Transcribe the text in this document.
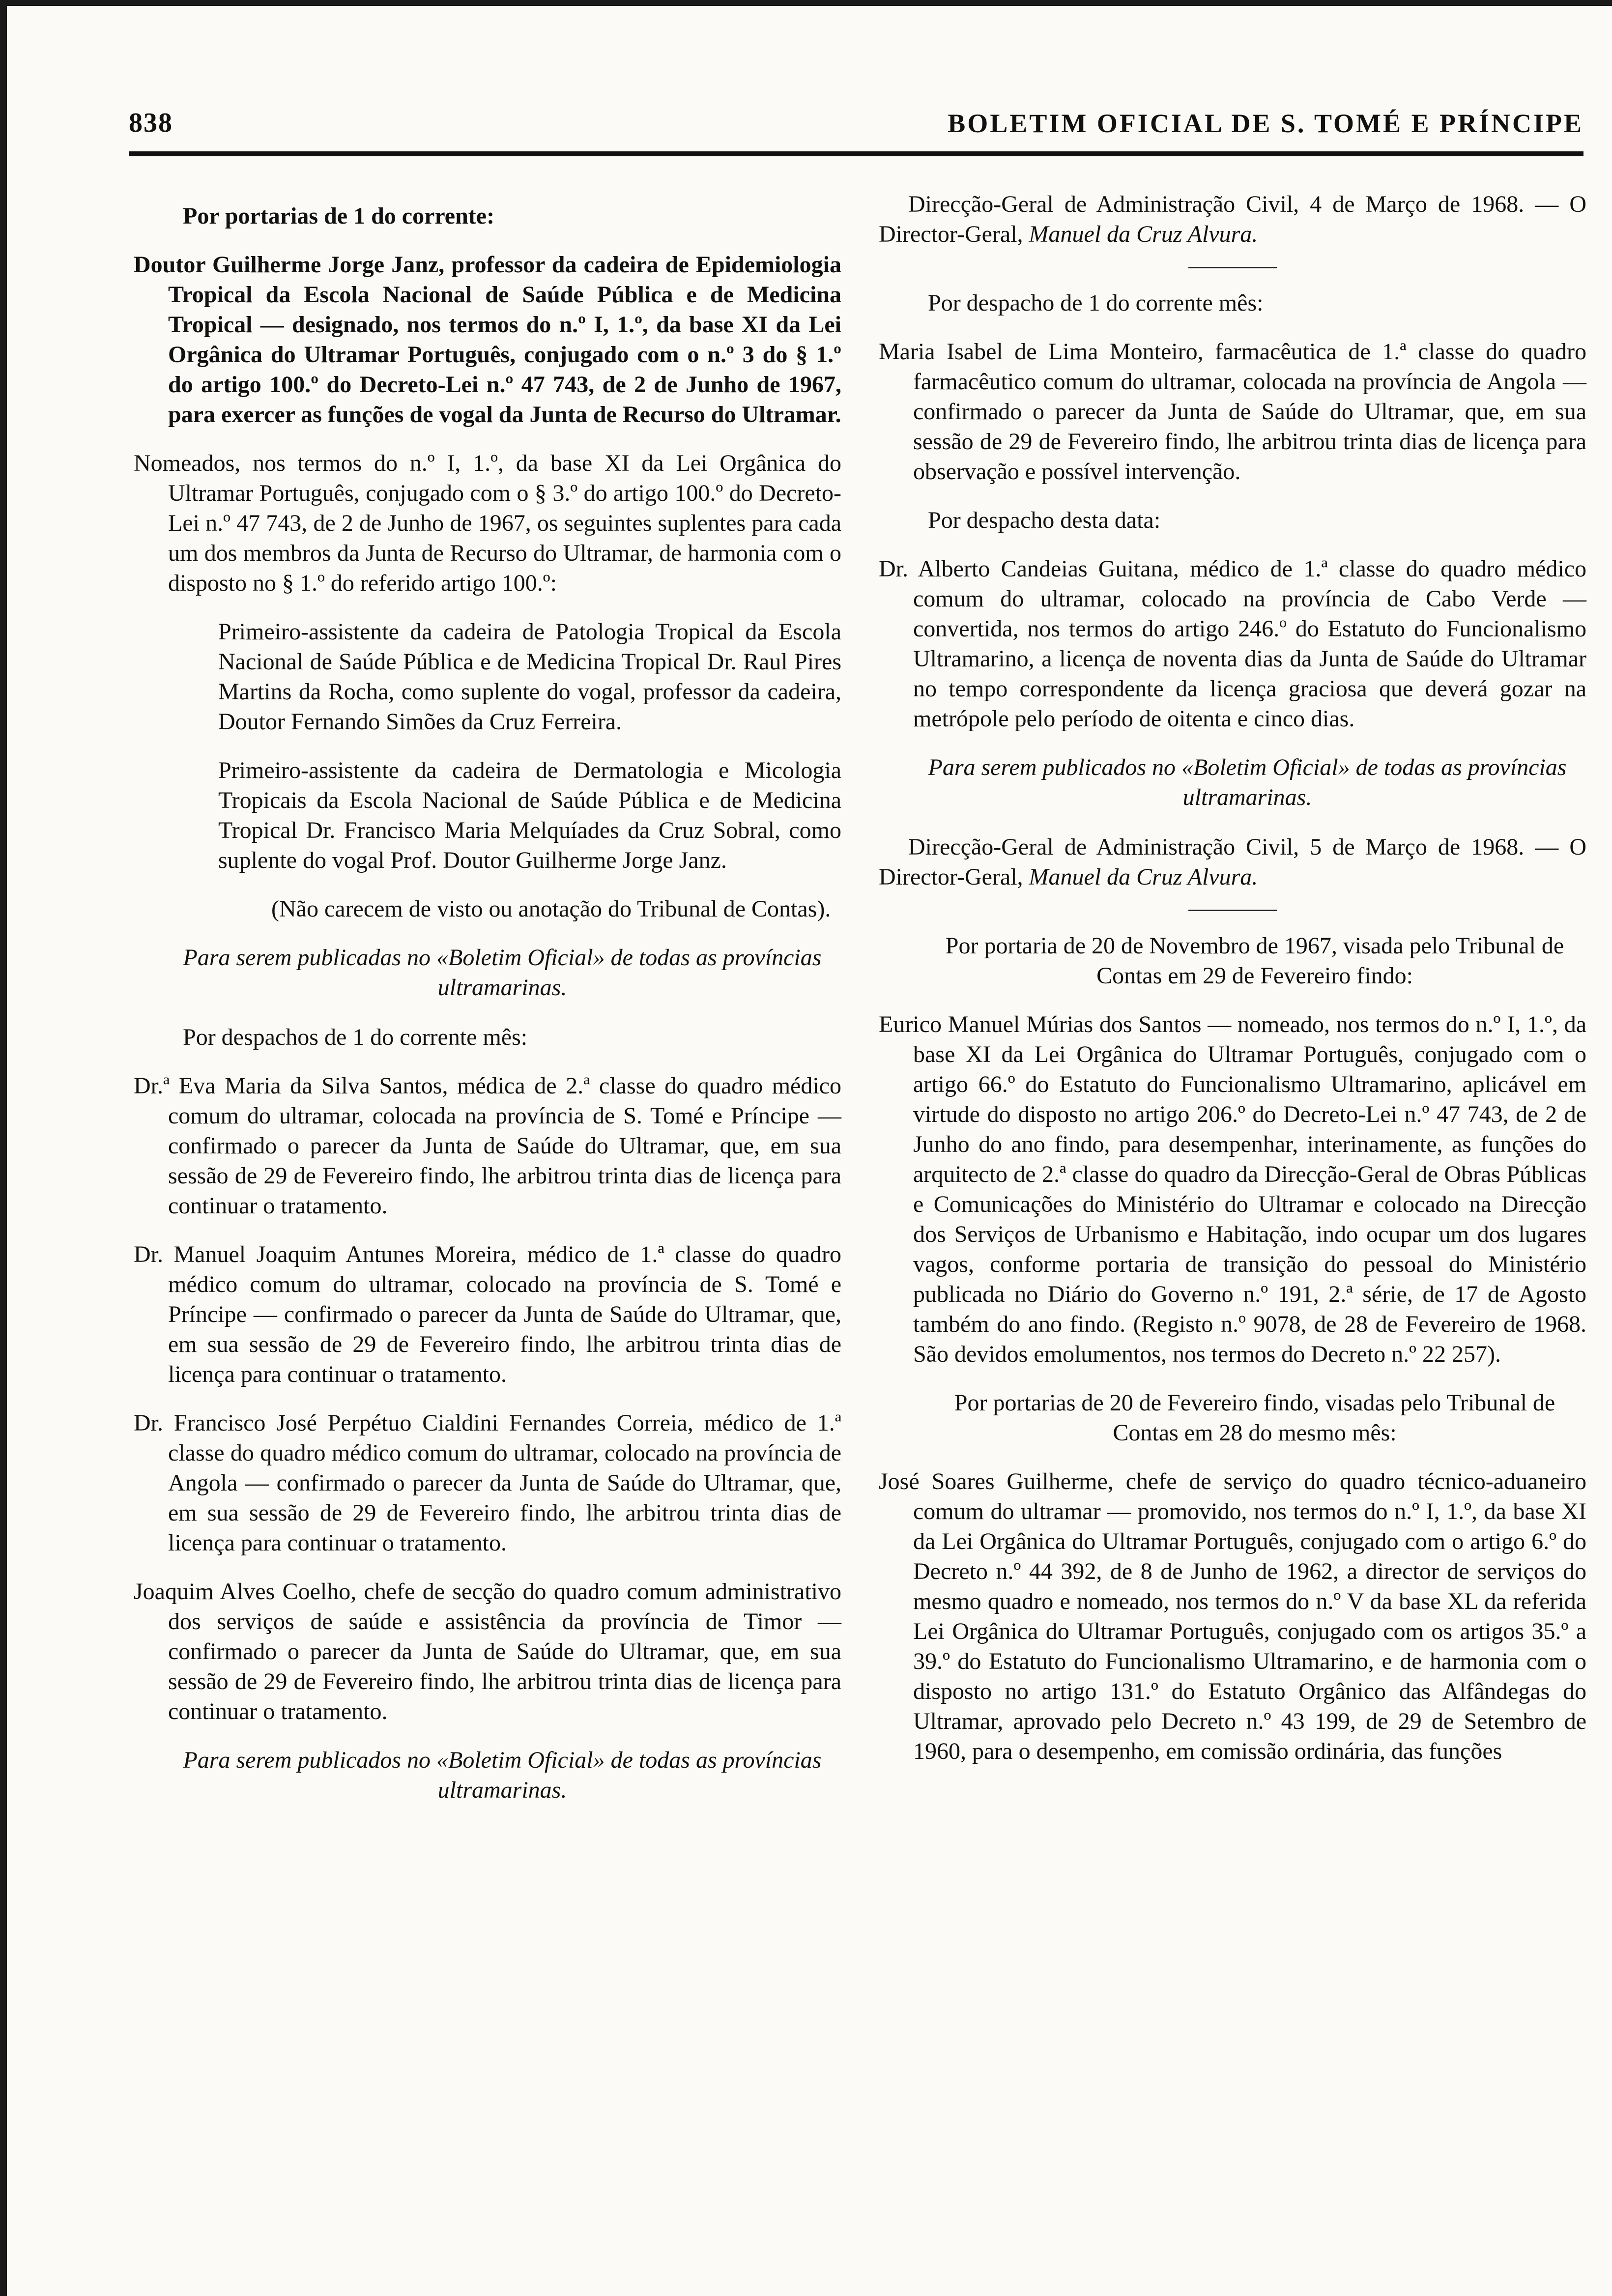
838	BOLETIM OFICIAL DE S. TOMÉ E PRÍNCIPE

Por portarias de 1 do corrente:

Doutor Guilherme Jorge Janz, professor da cadeira de Epidemiologia Tropical da Escola Nacional de Saúde Pública e de Medicina Tropical — designado, nos termos do n.º I, 1.º, da base XI da Lei Orgânica do Ultramar Português, conjugado com o n.º 3 do § 1.º do artigo 100.º do Decreto-Lei n.º 47 743, de 2 de Junho de 1967, para exercer as funções de vogal da Junta de Recurso do Ultramar.

Nomeados, nos termos do n.º I, 1.º, da base XI da Lei Orgânica do Ultramar Português, conjugado com o § 3.º do artigo 100.º do Decreto-Lei n.º 47 743, de 2 de Junho de 1967, os seguintes suplentes para cada um dos membros da Junta de Recurso do Ultramar, de harmonia com o disposto no § 1.º do referido artigo 100.º:

Primeiro-assistente da cadeira de Patologia Tropical da Escola Nacional de Saúde Pública e de Medicina Tropical Dr. Raul Pires Martins da Rocha, como suplente do vogal, professor da cadeira, Doutor Fernando Simões da Cruz Ferreira.

Primeiro-assistente da cadeira de Dermatologia e Micologia Tropicais da Escola Nacional de Saúde Pública e de Medicina Tropical Dr. Francisco Maria Melquíades da Cruz Sobral, como suplente do vogal Prof. Doutor Guilherme Jorge Janz.

(Não carecem de visto ou anotação do Tribunal de Contas).

Para serem publicadas no «Boletim Oficial» de todas as províncias ultramarinas.

Por despachos de 1 do corrente mês:

Dr.ª Eva Maria da Silva Santos, médica de 2.ª classe do quadro médico comum do ultramar, colocada na província de S. Tomé e Príncipe — confirmado o parecer da Junta de Saúde do Ultramar, que, em sua sessão de 29 de Fevereiro findo, lhe arbitrou trinta dias de licença para continuar o tratamento.

Dr. Manuel Joaquim Antunes Moreira, médico de 1.ª classe do quadro médico comum do ultramar, colocado na província de S. Tomé e Príncipe — confirmado o parecer da Junta de Saúde do Ultramar, que, em sua sessão de 29 de Fevereiro findo, lhe arbitrou trinta dias de licença para continuar o tratamento.

Dr. Francisco José Perpétuo Cialdini Fernandes Correia, médico de 1.ª classe do quadro médico comum do ultramar, colocado na província de Angola — confirmado o parecer da Junta de Saúde do Ultramar, que, em sua sessão de 29 de Fevereiro findo, lhe arbitrou trinta dias de licença para continuar o tratamento.

Joaquim Alves Coelho, chefe de secção do quadro comum administrativo dos serviços de saúde e assistência da província de Timor — confirmado o parecer da Junta de Saúde do Ultramar, que, em sua sessão de 29 de Fevereiro findo, lhe arbitrou trinta dias de licença para continuar o tratamento.

Para serem publicados no «Boletim Oficial» de todas as províncias ultramarinas.

Direcção-Geral de Administração Civil, 4 de Março de 1968. — O Director-Geral, Manuel da Cruz Alvura.

Por despacho de 1 do corrente mês:

Maria Isabel de Lima Monteiro, farmacêutica de 1.ª classe do quadro farmacêutico comum do ultramar, colocada na província de Angola — confirmado o parecer da Junta de Saúde do Ultramar, que, em sua sessão de 29 de Fevereiro findo, lhe arbitrou trinta dias de licença para observação e possível intervenção.

Por despacho desta data:

Dr. Alberto Candeias Guitana, médico de 1.ª classe do quadro médico comum do ultramar, colocado na província de Cabo Verde — convertida, nos termos do artigo 246.º do Estatuto do Funcionalismo Ultramarino, a licença de noventa dias da Junta de Saúde do Ultramar no tempo correspondente da licença graciosa que deverá gozar na metrópole pelo período de oitenta e cinco dias.

Para serem publicados no «Boletim Oficial» de todas as províncias ultramarinas.

Direcção-Geral de Administração Civil, 5 de Março de 1968. — O Director-Geral, Manuel da Cruz Alvura.

Por portaria de 20 de Novembro de 1967, visada pelo Tribunal de Contas em 29 de Fevereiro findo:

Eurico Manuel Múrias dos Santos — nomeado, nos termos do n.º I, 1.º, da base XI da Lei Orgânica do Ultramar Português, conjugado com o artigo 66.º do Estatuto do Funcionalismo Ultramarino, aplicável em virtude do disposto no artigo 206.º do Decreto-Lei n.º 47 743, de 2 de Junho do ano findo, para desempenhar, interinamente, as funções do arquitecto de 2.ª classe do quadro da Direcção-Geral de Obras Públicas e Comunicações do Ministério do Ultramar e colocado na Direcção dos Serviços de Urbanismo e Habitação, indo ocupar um dos lugares vagos, conforme portaria de transição do pessoal do Ministério publicada no Diário do Governo n.º 191, 2.ª série, de 17 de Agosto também do ano findo. (Registo n.º 9078, de 28 de Fevereiro de 1968. São devidos emolumentos, nos termos do Decreto n.º 22 257).

Por portarias de 20 de Fevereiro findo, visadas pelo Tribunal de Contas em 28 do mesmo mês:

José Soares Guilherme, chefe de serviço do quadro técnico-aduaneiro comum do ultramar — promovido, nos termos do n.º I, 1.º, da base XI da Lei Orgânica do Ultramar Português, conjugado com o artigo 6.º do Decreto n.º 44 392, de 8 de Junho de 1962, a director de serviços do mesmo quadro e nomeado, nos termos do n.º V da base XL da referida Lei Orgânica do Ultramar Português, conjugado com os artigos 35.º a 39.º do Estatuto do Funcionalismo Ultramarino, e de harmonia com o disposto no artigo 131.º do Estatuto Orgânico das Alfândegas do Ultramar, aprovado pelo Decreto n.º 43 199, de 29 de Setembro de 1960, para o desempenho, em comissão ordinária, das funções
